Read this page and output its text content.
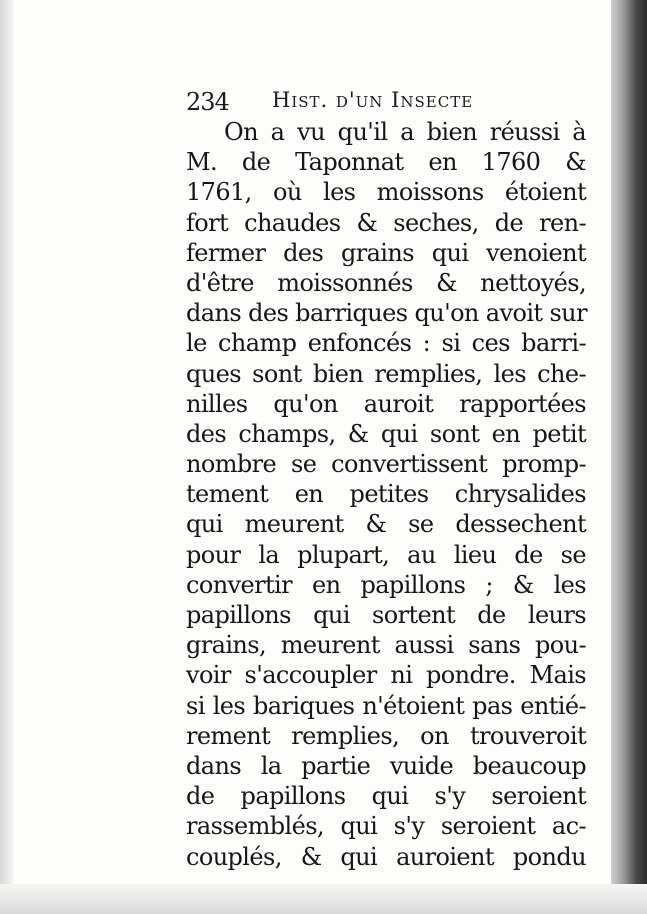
234 Hist. d'un Insecte
On a vu qu'il a bien réussi à
M. de Taponnat en 1760 &
1761, où les moissons étoient
fort chaudes & seches, de ren-
fermer des grains qui venoient
d'être moissonnés & nettoyés,
dans des barriques qu'on avoit sur
le champ enfoncés : si ces barri-
ques sont bien remplies, les che-
nilles qu'on auroit rapportées
des champs, & qui sont en petit
nombre se convertissent promp-
tement en petites chrysalides
qui meurent & se dessechent
pour la plupart, au lieu de se
convertir en papillons ; & les
papillons qui sortent de leurs
grains, meurent aussi sans pou-
voir s'accoupler ni pondre. Mais
si les bariques n'étoient pas entié-
rement remplies, on trouveroit
dans la partie vuide beaucoup
de papillons qui s'y seroient
rassemblés, qui s'y seroient ac-
couplés, & qui auroient pondu
